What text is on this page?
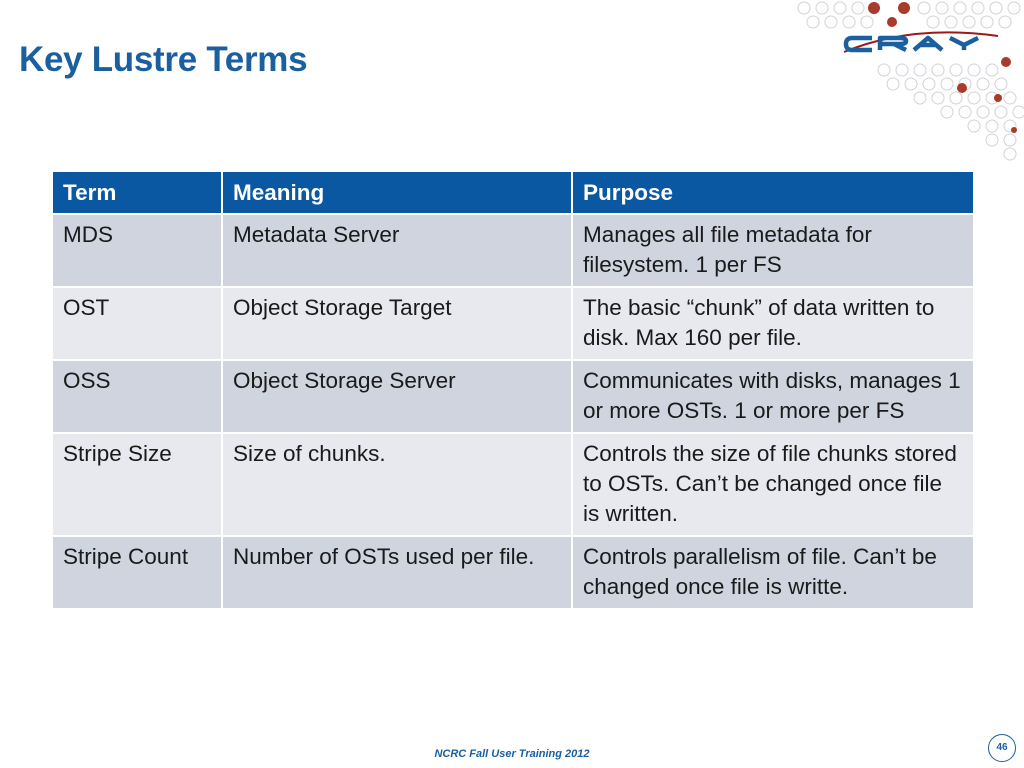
Key Lustre Terms
Term	Meaning	Purpose
MDS	Metadata Server	Manages all file metadata for filesystem. 1 per FS
OST	Object Storage Target	The basic “chunk” of data written to disk. Max 160 per file.
OSS	Object Storage Server	Communicates with disks, manages 1 or more OSTs. 1 or more per FS
Stripe Size	Size of chunks.	Controls the size of file chunks stored to OSTs. Can’t be changed once file is written.
Stripe Count	Number of OSTs used per file.	Controls parallelism of file. Can’t be changed once file is writte.
NCRC Fall User Training 2012
46
